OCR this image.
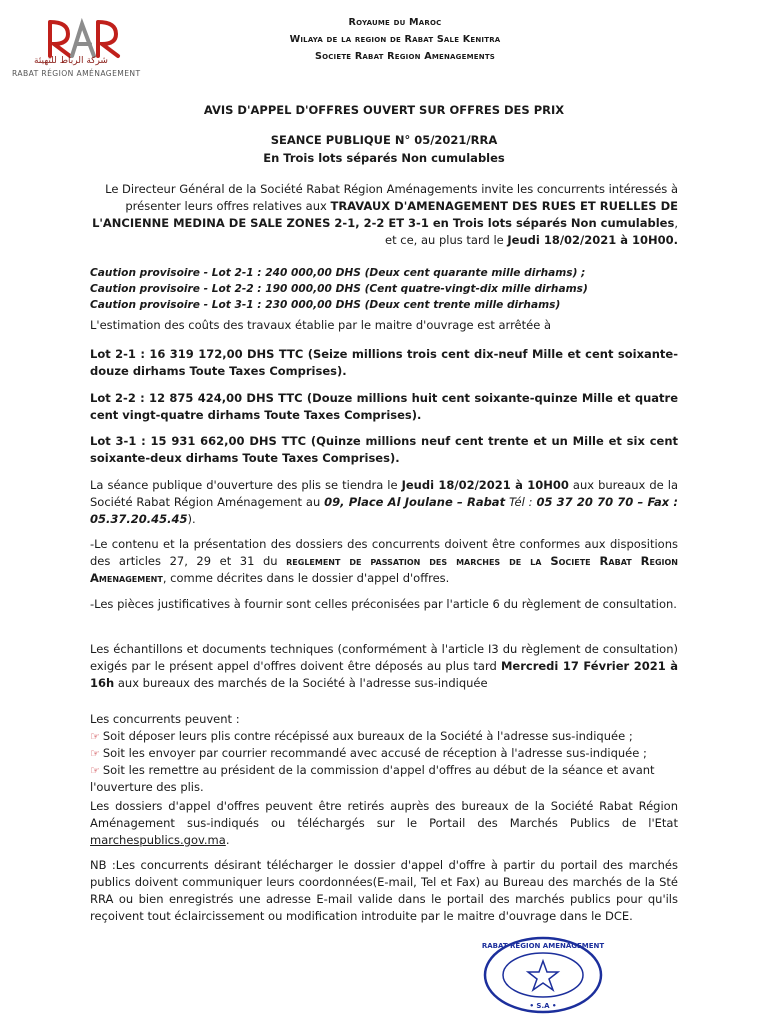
شركة الرباط للتهيئة
RABAT RÉGION AMÉNAGEMENT
Royaume du Maroc
Wilaya de la region de Rabat Sale Kenitra
Societe Rabat Region Amenagements
AVIS D'APPEL D'OFFRES OUVERT SUR OFFRES DES PRIX
SEANCE PUBLIQUE N° 05/2021/RRA
En Trois lots séparés Non cumulables
Le Directeur Général de la Société Rabat Région Aménagements invite les concurrents intéressés à présenter leurs offres relatives aux TRAVAUX D'AMENAGEMENT DES RUES ET RUELLES DE L'ANCIENNE MEDINA DE SALE ZONES 2-1, 2-2 ET 3-1 en Trois lots séparés Non cumulables, et ce, au plus tard le Jeudi 18/02/2021 à 10H00.
Caution provisoire - Lot 2-1 : 240 000,00 DHS (Deux cent quarante mille dirhams) ;
Caution provisoire - Lot 2-2 : 190 000,00 DHS (Cent quatre-vingt-dix mille dirhams)
Caution provisoire - Lot 3-1 : 230 000,00 DHS (Deux cent trente mille dirhams)
L'estimation des coûts des travaux établie par le maitre d'ouvrage est arrêtée à
Lot 2-1 : 16 319 172,00 DHS TTC (Seize millions trois cent dix-neuf Mille et cent soixante-douze dirhams Toute Taxes Comprises).
Lot 2-2 : 12 875 424,00 DHS TTC (Douze millions huit cent soixante-quinze Mille et quatre cent vingt-quatre dirhams Toute Taxes Comprises).
Lot 3-1 : 15 931 662,00 DHS TTC (Quinze millions neuf cent trente et un Mille et six cent soixante-deux dirhams Toute Taxes Comprises).
La séance publique d'ouverture des plis se tiendra le Jeudi 18/02/2021 à 10H00 aux bureaux de la Société Rabat Région Aménagement au 09, Place Al Joulane – Rabat Tél : 05 37 20 70 70 – Fax : 05.37.20.45.45).
-Le contenu et la présentation des dossiers des concurrents doivent être conformes aux dispositions des articles 27, 29 et 31 du reglement de passation des marches de la Societe Rabat Region Amenagement, comme décrites dans le dossier d'appel d'offres.
-Les pièces justificatives à fournir sont celles préconisées par l'article 6 du règlement de consultation.
Les échantillons et documents techniques (conformément à l'article I3 du règlement de consultation) exigés par le présent appel d'offres doivent être déposés au plus tard Mercredi 17 Février 2021 à 16h aux bureaux des marchés de la Société à l'adresse sus-indiquée
Les concurrents peuvent :
☞ Soit déposer leurs plis contre récépissé aux bureaux de la Société à l'adresse sus-indiquée ;
☞ Soit les envoyer par courrier recommandé avec accusé de réception à l'adresse sus-indiquée ;
☞ Soit les remettre au président de la commission d'appel d'offres au début de la séance et avant l'ouverture des plis.
Les dossiers d'appel d'offres peuvent être retirés auprès des bureaux de la Société Rabat Région Aménagement sus-indiqués ou téléchargés sur le Portail des Marchés Publics de l'Etat marchespublics.gov.ma.
NB :Les concurrents désirant télécharger le dossier d'appel d'offre à partir du portail des marchés publics doivent communiquer leurs coordonnées(E-mail, Tel et Fax) au Bureau des marchés de la Sté RRA ou bien enregistrés une adresse E-mail valide dans le portail des marchés publics pour qu'ils reçoivent tout éclaircissement ou modification introduite par le maitre d'ouvrage dans le DCE.
RABAT REGION AMENAGEMENT
• S.A •
